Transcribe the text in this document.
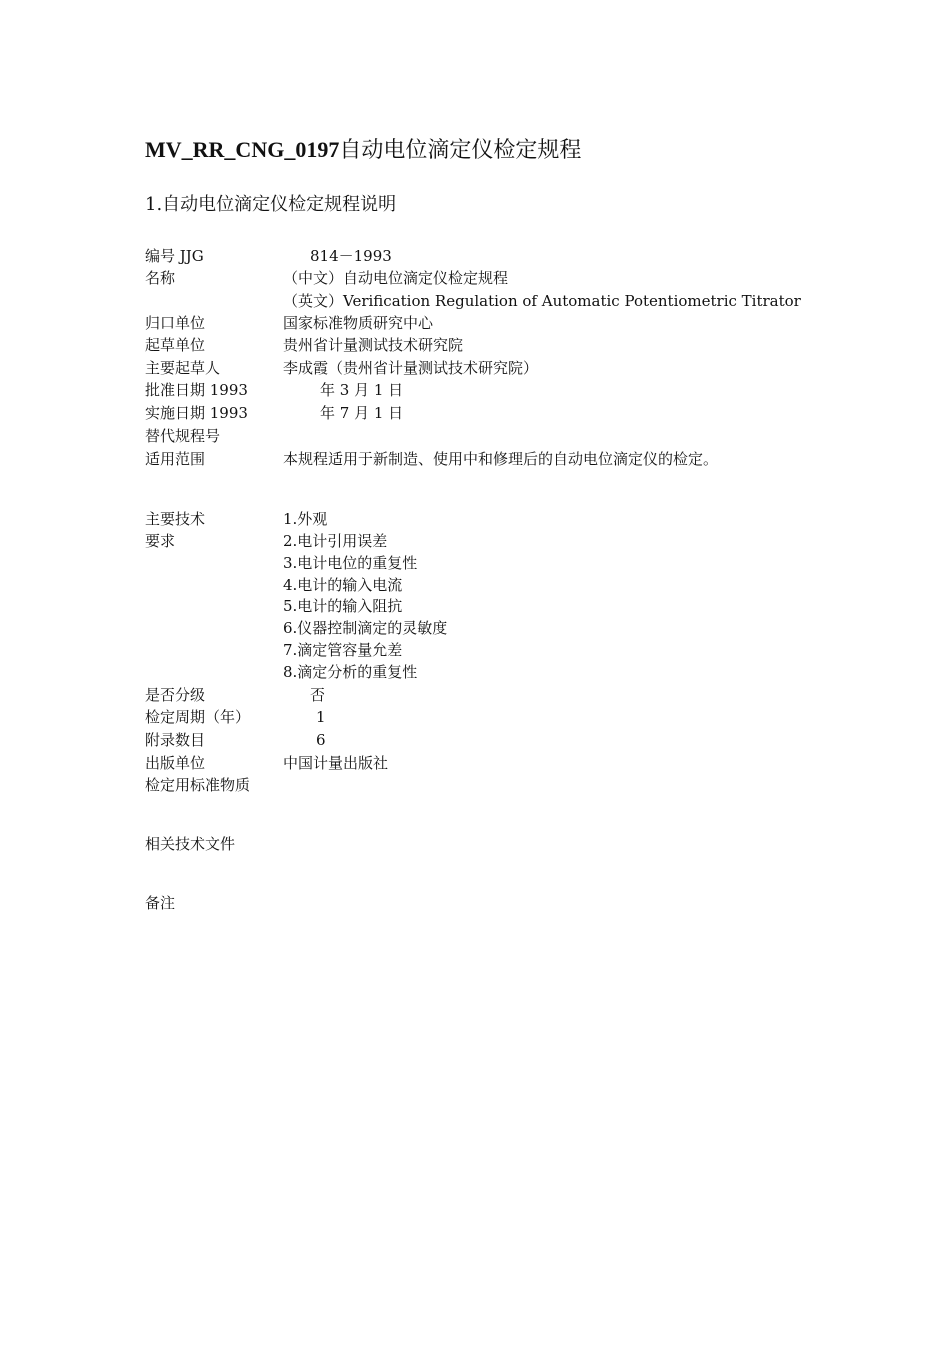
MV_RR_CNG_0197自动电位滴定仪检定规程
1.自动电位滴定仪检定规程说明
编号 JJG	814－1993
名称	（中文）自动电位滴定仪检定规程
（英文）Verification Regulation of Automatic Potentiometric Titrator
归口单位	国家标准物质研究中心
起草单位	贵州省计量测试技术研究院
主要起草人	李成霞（贵州省计量测试技术研究院）
批准日期 1993	年 3 月 1 日
实施日期 1993	年 7 月 1 日
替代规程号
适用范围	本规程适用于新制造、使用中和修理后的自动电位滴定仪的检定。
主要技术	1.外观
要求	2.电计引用误差
3.电计电位的重复性
4.电计的输入电流
5.电计的输入阻抗
6.仪器控制滴定的灵敏度
7.滴定管容量允差
8.滴定分析的重复性
是否分级	否
检定周期（年）	1
附录数目	6
出版单位	中国计量出版社
检定用标准物质
相关技术文件
备注
